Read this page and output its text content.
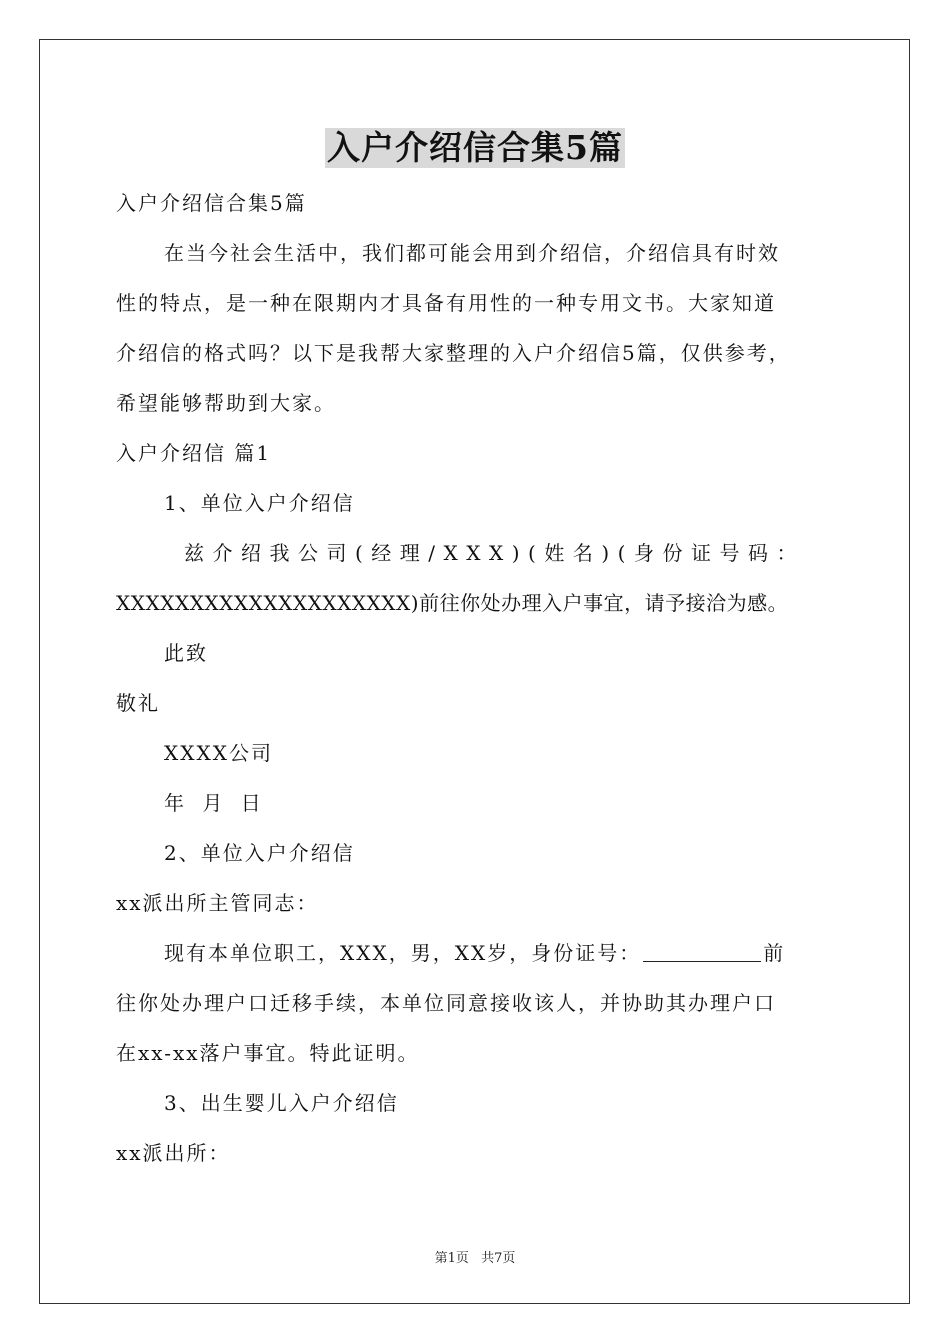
入户介绍信合集5篇
入户介绍信合集5篇
在当今社会生活中，我们都可能会用到介绍信，介绍信具有时效
性的特点，是一种在限期内才具备有用性的一种专用文书。大家知道
介绍信的格式吗？以下是我帮大家整理的入户介绍信5篇，仅供参考，
希望能够帮助到大家。
入户介绍信 篇1
1、单位入户介绍信
兹介绍我公司(经理/XXX)(姓名)(身份证号码：
XXXXXXXXXXXXXXXXXXXX)前往你处办理入户事宜，请予接洽为感。
此致
敬礼
XXXX公司
年 月 日
2、单位入户介绍信
xx派出所主管同志：
现有本单位职工，XXX，男，XX岁，身份证号：	前
往你处办理户口迁移手续，本单位同意接收该人，并协助其办理户口
在xx-xx落户事宜。特此证明。
3、出生婴儿入户介绍信
xx派出所：
第1页 共7页
